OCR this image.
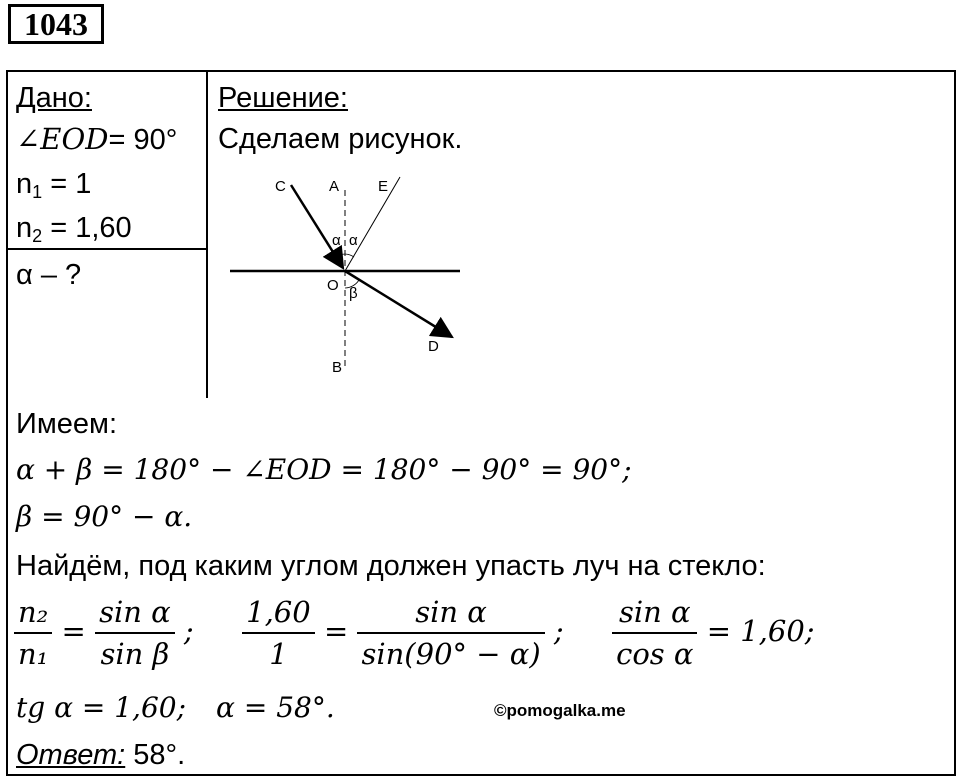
1043
Дано:
∠EOD= 90°
$n_1 = 1$
$n_2 = 1,60$
α – ?
Решение:
Сделаем рисунок.
C	A	E
α α
O β
D
B
Имеем:
α + β = 180° − ∠EOD = 180° − 90° = 90°;
β = 90° − α.
Найдём, под каким углом должен упасть луч на стекло:
$\frac{\text{n₂}}{\text{n₁}} = \frac{\text{sin α}}{\text{sin β}}$ ; $\frac{1,60}{1} = \frac{\text{sin α}}{\sin(90^\circ - \alpha)}$ ; $\frac{\text{sin α}}{\text{cos α}} = 1,60$;
tg α = 1,60; α = 58°.
Ответ: 58°.
©pomogalka.me
